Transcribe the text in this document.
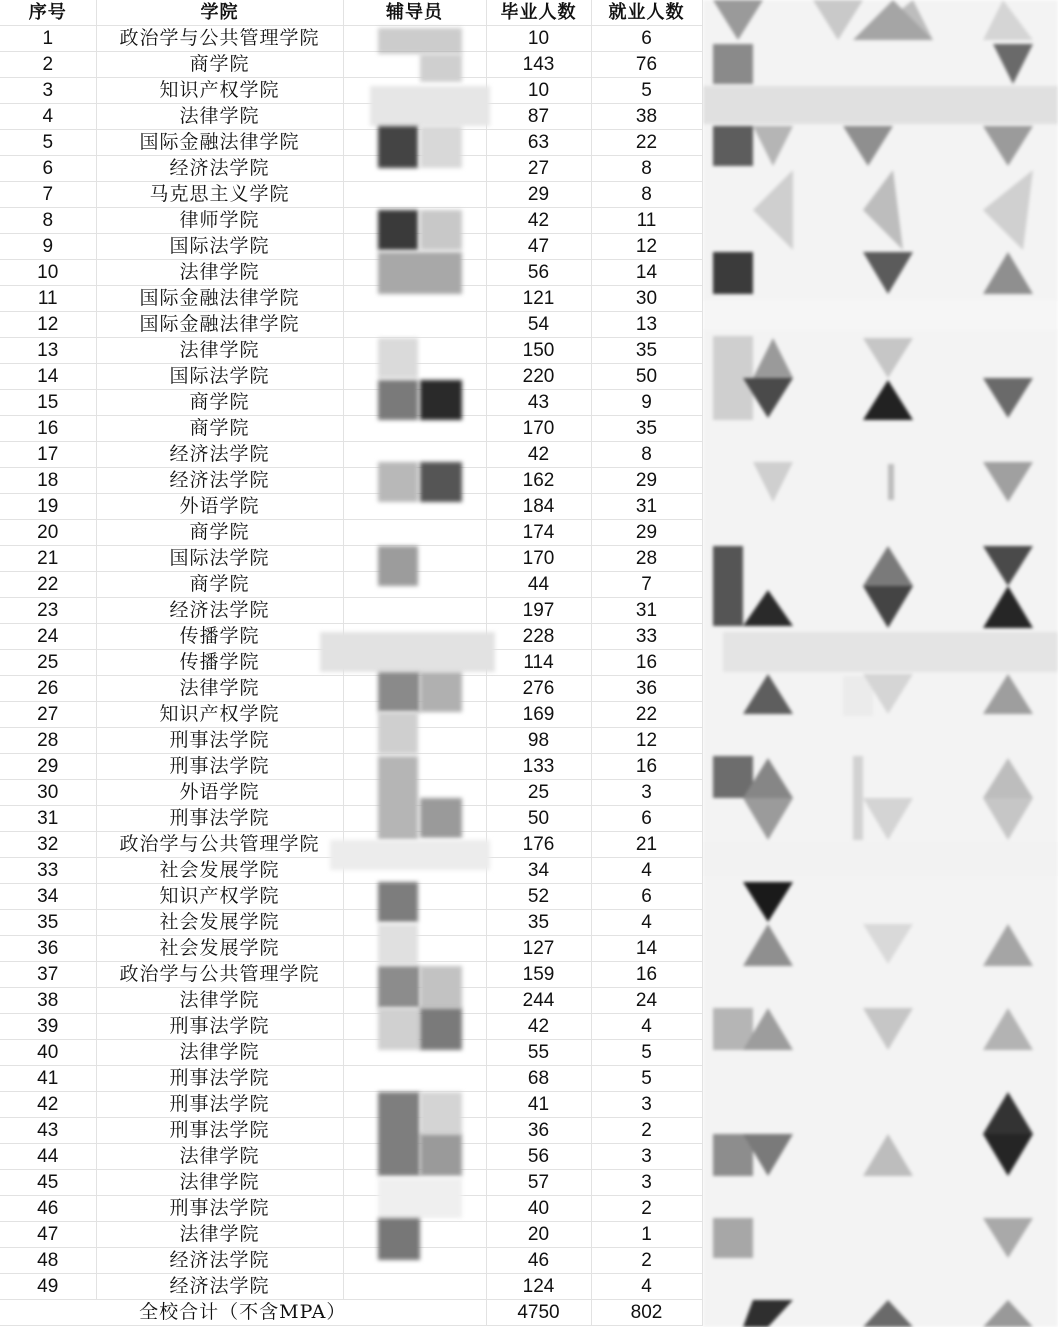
序号	学院	辅导员	毕业人数	就业人数
1	政治学与公共管理学院		10	6
2	商学院		143	76
3	知识产权学院		10	5
4	法律学院		87	38
5	国际金融法律学院		63	22
6	经济法学院		27	8
7	马克思主义学院		29	8
8	律师学院		42	11
9	国际法学院		47	12
10	法律学院		56	14
11	国际金融法律学院		121	30
12	国际金融法律学院		54	13
13	法律学院		150	35
14	国际法学院		220	50
15	商学院		43	9
16	商学院		170	35
17	经济法学院		42	8
18	经济法学院		162	29
19	外语学院		184	31
20	商学院		174	29
21	国际法学院		170	28
22	商学院		44	7
23	经济法学院		197	31
24	传播学院		228	33
25	传播学院		114	16
26	法律学院		276	36
27	知识产权学院		169	22
28	刑事法学院		98	12
29	刑事法学院		133	16
30	外语学院		25	3
31	刑事法学院		50	6
32	政治学与公共管理学院		176	21
33	社会发展学院		34	4
34	知识产权学院		52	6
35	社会发展学院		35	4
36	社会发展学院		127	14
37	政治学与公共管理学院		159	16
38	法律学院		244	24
39	刑事法学院		42	4
40	法律学院		55	5
41	刑事法学院		68	5
42	刑事法学院		41	3
43	刑事法学院		36	2
44	法律学院		56	3
45	法律学院		57	3
46	刑事法学院		40	2
47	法律学院		20	1
48	经济法学院		46	2
49	经济法学院		124	4
全校合计（不含MPA）			4750	802
